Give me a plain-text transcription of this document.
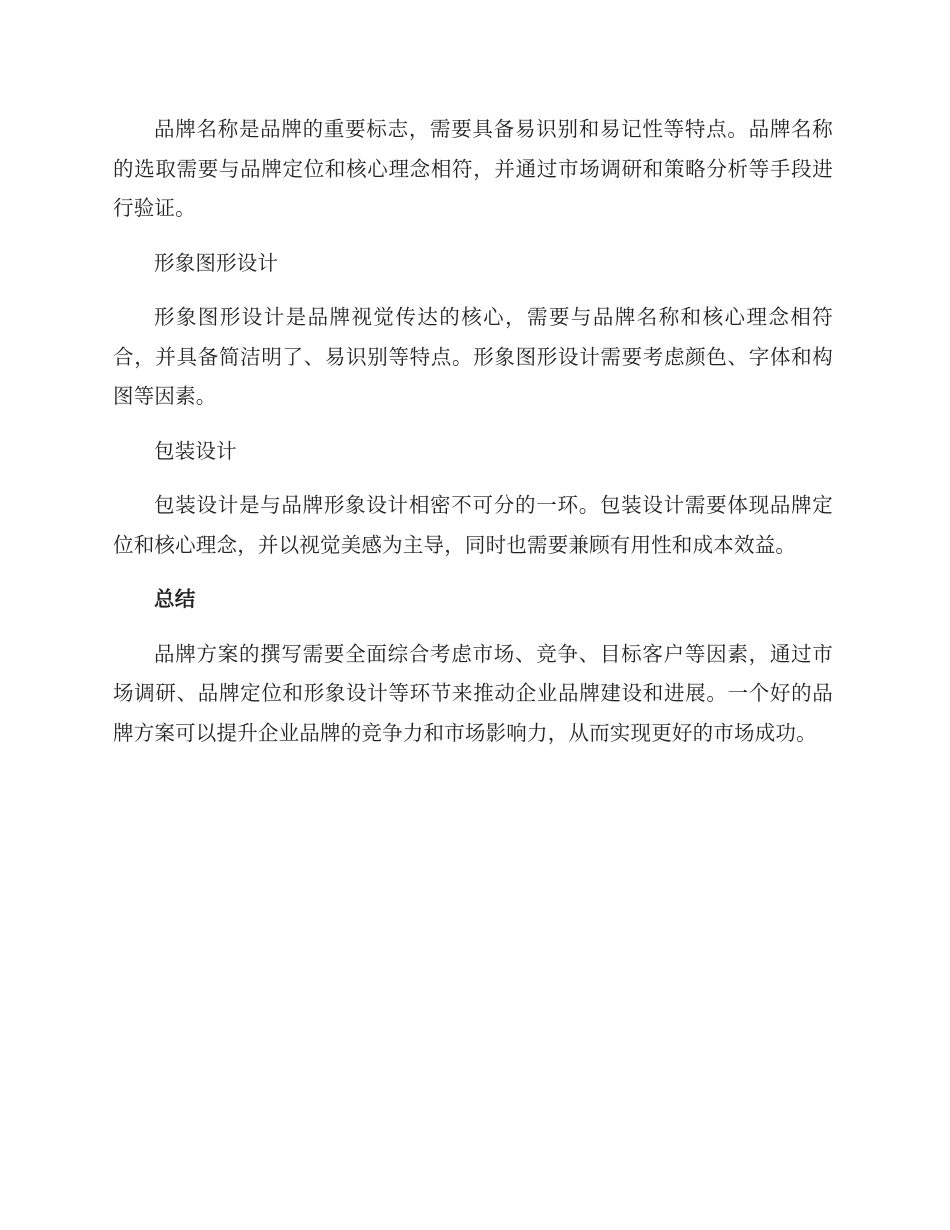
品牌名称是品牌的重要标志，需要具备易识别和易记性等特点。品牌名称的选取需要与品牌定位和核心理念相符，并通过市场调研和策略分析等手段进行验证。

形象图形设计

形象图形设计是品牌视觉传达的核心，需要与品牌名称和核心理念相符合，并具备简洁明了、易识别等特点。形象图形设计需要考虑颜色、字体和构图等因素。

包装设计

包装设计是与品牌形象设计相密不可分的一环。包装设计需要体现品牌定位和核心理念，并以视觉美感为主导，同时也需要兼顾有用性和成本效益。

总结

品牌方案的撰写需要全面综合考虑市场、竞争、目标客户等因素，通过市场调研、品牌定位和形象设计等环节来推动企业品牌建设和进展。一个好的品牌方案可以提升企业品牌的竞争力和市场影响力，从而实现更好的市场成功。
